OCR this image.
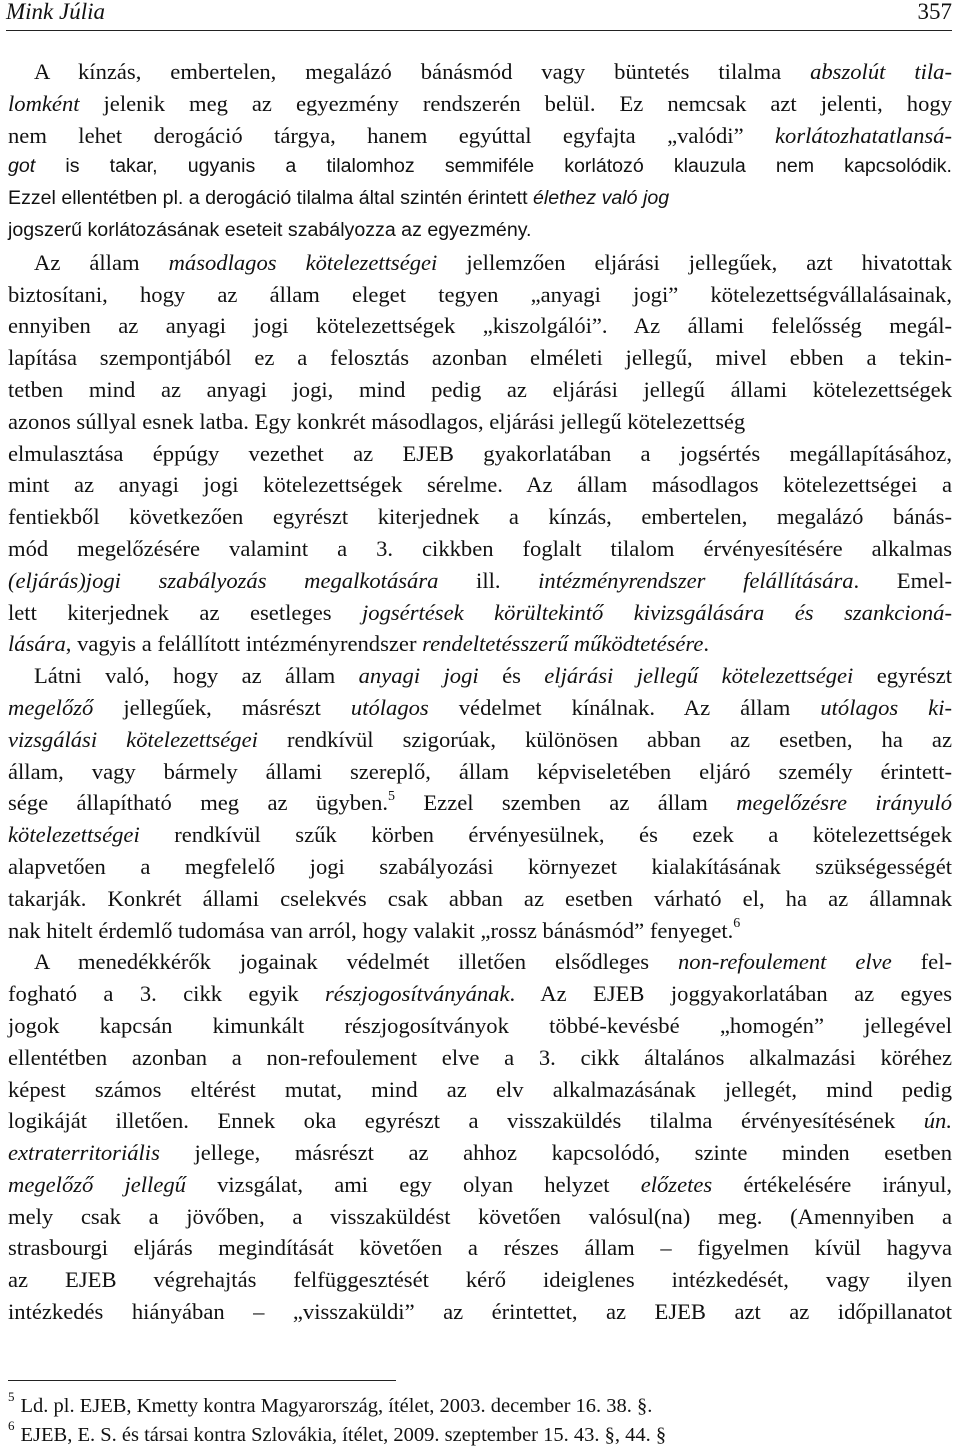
Mink Júlia	357
A kínzás, embertelen, megalázó bánásmód vagy büntetés tilalma abszolút tila-
lomként jelenik meg az egyezmény rendszerén belül. Ez nemcsak azt jelenti, hogy
nem lehet derogáció tárgya, hanem egyúttal egyfajta „valódi” korlátozhatatlansá-
got is takar, ugyanis a tilalomhoz semmiféle korlátozó klauzula nem kapcsolódik.
Ezzel ellentétben pl. a derogáció tilalma által szintén érintett élethez való jog
jogszerű korlátozásának eseteit szabályozza az egyezmény.
Az állam másodlagos kötelezettségei jellemzően eljárási jellegűek, azt hivatottak
biztosítani, hogy az állam eleget tegyen „anyagi jogi” kötelezettségvállalásainak,
ennyiben az anyagi jogi kötelezettségek „kiszolgálói”. Az állami felelősség megál-
lapítása szempontjából ez a felosztás azonban elméleti jellegű, mivel ebben a tekin-
tetben mind az anyagi jogi, mind pedig az eljárási jellegű állami kötelezettségek
azonos súllyal esnek latba. Egy konkrét másodlagos, eljárási jellegű kötelezettség
elmulasztása éppúgy vezethet az EJEB gyakorlatában a jogsértés megállapításához,
mint az anyagi jogi kötelezettségek sérelme. Az állam másodlagos kötelezettségei a
fentiekből következően egyrészt kiterjednek a kínzás, embertelen, megalázó bánás-
mód megelőzésére valamint a 3. cikkben foglalt tilalom érvényesítésére alkalmas
(eljárás)jogi szabályozás megalkotására ill. intézményrendszer felállítására. Emel-
lett kiterjednek az esetleges jogsértések körültekintő kivizsgálására és szankcioná-
lására, vagyis a felállított intézményrendszer rendeltetésszerű működtetésére.
Látni való, hogy az állam anyagi jogi és eljárási jellegű kötelezettségei egyrészt
megelőző jellegűek, másrészt utólagos védelmet kínálnak. Az állam utólagos ki-
vizsgálási kötelezettségei rendkívül szigorúak, különösen abban az esetben, ha az
állam, vagy bármely állami szereplő, állam képviseletében eljáró személy érintett-
sége állapítható meg az ügyben.$^5$ Ezzel szemben az állam megelőzésre irányuló
kötelezettségei rendkívül szűk körben érvényesülnek, és ezek a kötelezettségek
alapvetően a megfelelő jogi szabályozási környezet kialakításának szükségességét
takarják. Konkrét állami cselekvés csak abban az esetben várható el, ha az államnak
nak hitelt érdemlő tudomása van arról, hogy valakit „rossz bánásmód” fenyeget.$^6$
A menedékkérők jogainak védelmét illetően elsődleges non-refoulement elve fel-
fogható a 3. cikk egyik részjogosítványának. Az EJEB joggyakorlatában az egyes
jogok kapcsán kimunkált részjogosítványok többé-kevésbé „homogén” jellegével
ellentétben azonban a non-refoulement elve a 3. cikk általános alkalmazási köréhez
képest számos eltérést mutat, mind az elv alkalmazásának jellegét, mind pedig
logikáját illetően. Ennek oka egyrészt a visszaküldés tilalma érvényesítésének ún.
extraterritoriális jellege, másrészt az ahhoz kapcsolódó, szinte minden esetben
megelőző jellegű vizsgálat, ami egy olyan helyzet előzetes értékelésére irányul,
mely csak a jövőben, a visszaküldést követően valósul(na) meg. (Amennyiben a
strasbourgi eljárás megindítását követően a részes állam – figyelmen kívül hagyva
az EJEB végrehajtás felfüggesztését kérő ideiglenes intézkedését, vagy ilyen
intézkedés hiányában – „visszaküldi” az érintettet, az EJEB azt az időpillanatot
$^5$ Ld. pl. EJEB, Kmetty kontra Magyarország, ítélet, 2003. december 16. 38. §.
$^6$ EJEB, E. S. és társai kontra Szlovákia, ítélet, 2009. szeptember 15. 43. §, 44. §
